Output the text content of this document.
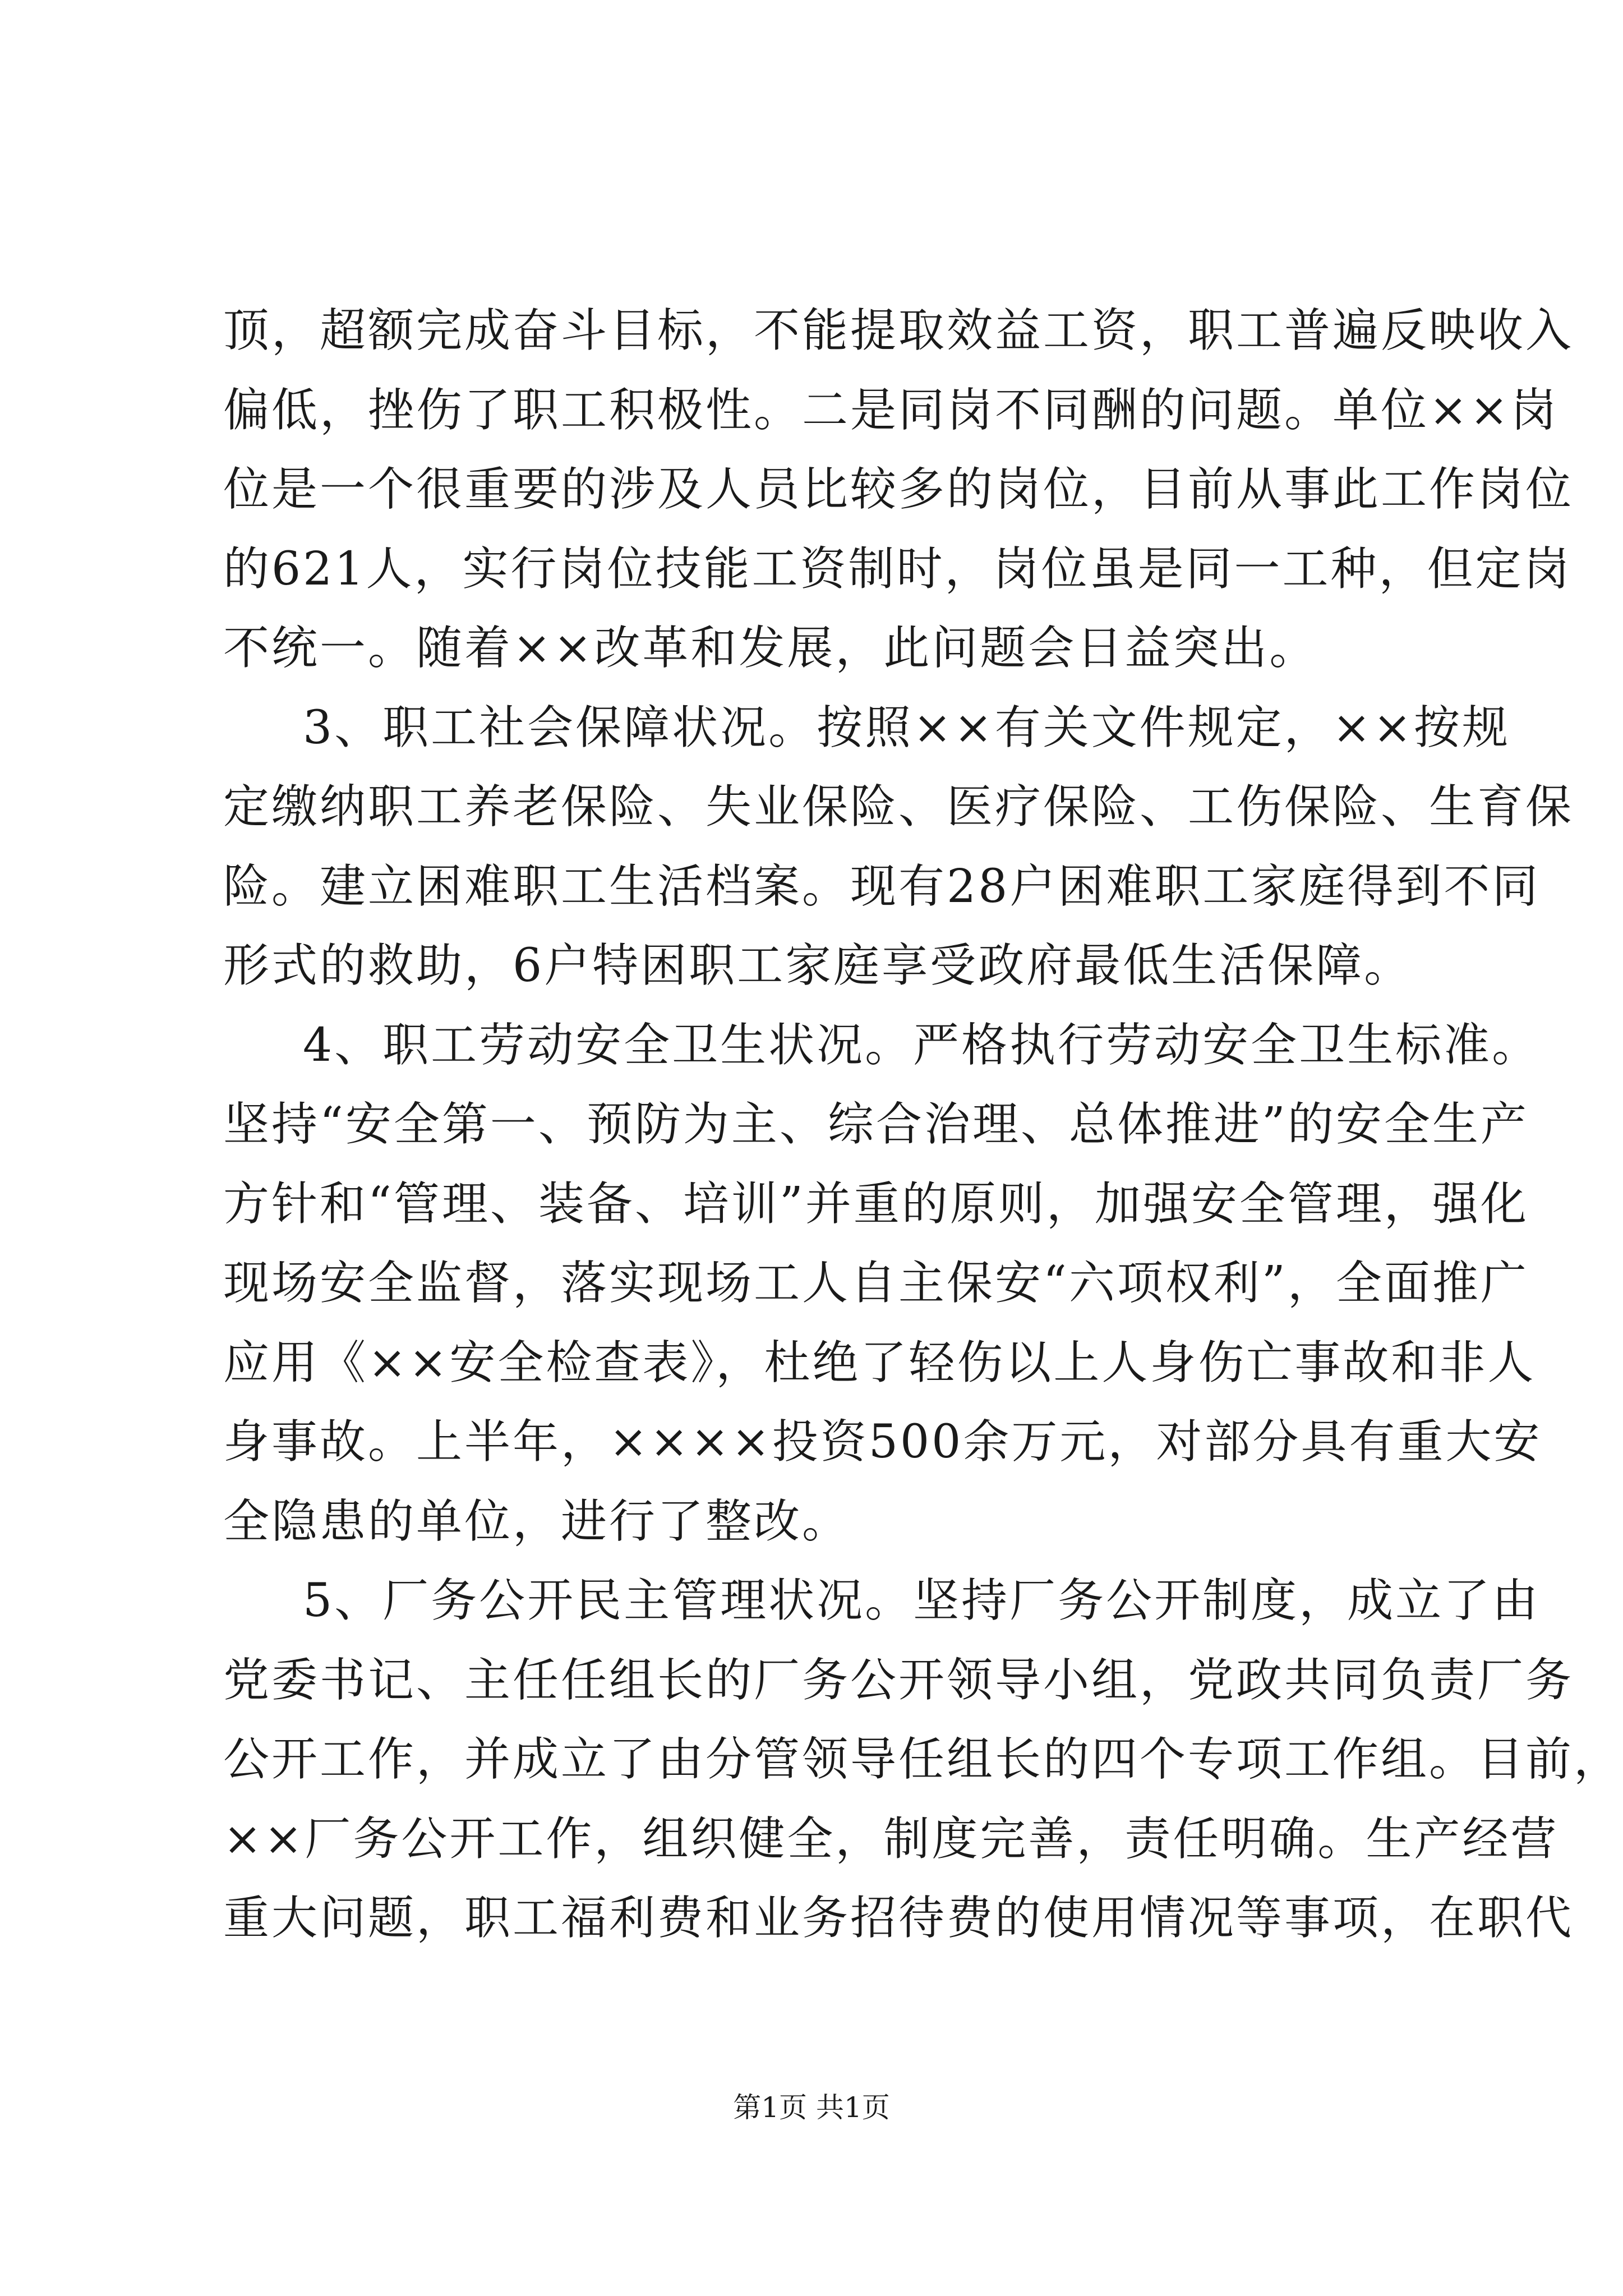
顶，超额完成奋斗目标，不能提取效益工资，职工普遍反映收入
偏低，挫伤了职工积极性。二是同岗不同酬的问题。单位××岗
位是一个很重要的涉及人员比较多的岗位，目前从事此工作岗位
的621人，实行岗位技能工资制时，岗位虽是同一工种，但定岗
不统一。随着××改革和发展，此问题会日益突出。
3、职工社会保障状况。按照××有关文件规定，××按规
定缴纳职工养老保险、失业保险、医疗保险、工伤保险、生育保
险。建立困难职工生活档案。现有28户困难职工家庭得到不同
形式的救助，6户特困职工家庭享受政府最低生活保障。
4、职工劳动安全卫生状况。严格执行劳动安全卫生标准。
坚持“安全第一、预防为主、综合治理、总体推进”的安全生产
方针和“管理、装备、培训”并重的原则，加强安全管理，强化
现场安全监督，落实现场工人自主保安“六项权利”，全面推广
应用《××安全检查表》，杜绝了轻伤以上人身伤亡事故和非人
身事故。上半年，××××投资500余万元，对部分具有重大安
全隐患的单位，进行了整改。
5、厂务公开民主管理状况。坚持厂务公开制度，成立了由
党委书记、主任任组长的厂务公开领导小组，党政共同负责厂务
公开工作，并成立了由分管领导任组长的四个专项工作组。目前，
××厂务公开工作，组织健全，制度完善，责任明确。生产经营
重大问题，职工福利费和业务招待费的使用情况等事项，在职代
第1页 共1页
